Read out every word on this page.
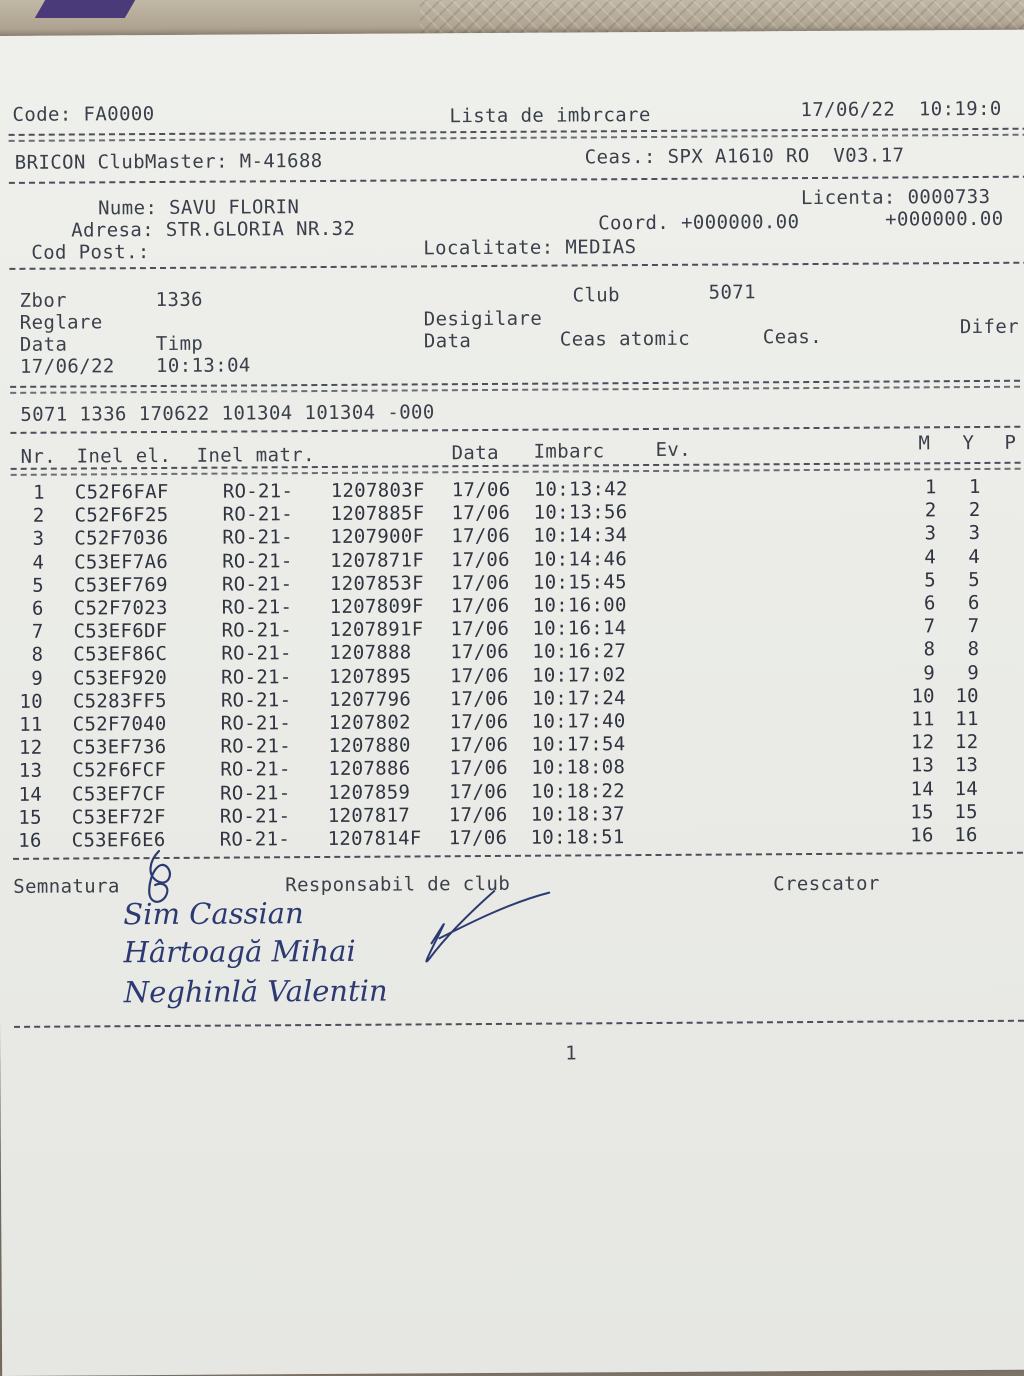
Code: FA0000	Lista de imbrcare	17/06/22  10:19:0
BRICON ClubMaster: M-41688	Ceas.: SPX A1610 RO  V03.17
Licenta: 0000733
Nume: SAVU FLORIN
Adresa: STR.GLORIA NR.32	Coord. +000000.00	+000000.00
Cod Post.:	Localitate: MEDIAS
Zbor	1336	Club	5071
Reglare	Desigilare
Data	Timp	Data	Ceas atomic	Ceas.	Difer
17/06/22 10:13:04
5071 1336 170622 101304 101304 -000
Nr. Inel el. Inel matr.	Data Imbarc	Ev.	M Y P
1 C52F6FAF	RO-21- 1207803F 17/06 10:13:42	1	1
2 C52F6F25	RO-21- 1207885F 17/06 10:13:56	2	2
3 C52F7036	RO-21- 1207900F 17/06 10:14:34	3	3
4 C53EF7A6	RO-21- 1207871F 17/06 10:14:46	4	4
5 C53EF769	RO-21- 1207853F 17/06 10:15:45	5	5
6 C52F7023	RO-21- 1207809F 17/06 10:16:00	6	6
7 C53EF6DF	RO-21- 1207891F 17/06 10:16:14	7	7
8 C53EF86C	RO-21- 1207888 17/06 10:16:27	8	8
9 C53EF920	RO-21- 1207895 17/06 10:17:02	9	9
10 C5283FF5	RO-21- 1207796 17/06 10:17:24	10	10
11 C52F7040	RO-21- 1207802 17/06 10:17:40	11	11
12 C53EF736	RO-21- 1207880 17/06 10:17:54	12	12
13 C52F6FCF	RO-21- 1207886 17/06 10:18:08	13	13
14 C53EF7CF	RO-21- 1207859 17/06 10:18:22	14	14
15 C53EF72F	RO-21- 1207817 17/06 10:18:37	15	15
16 C53EF6E6	RO-21- 1207814F 17/06 10:18:51	16	16
Semnatura	Responsabil de club	Crescator
Sim Cassian
Hârtoagă Mihai
Neghinlă Valentin
1
